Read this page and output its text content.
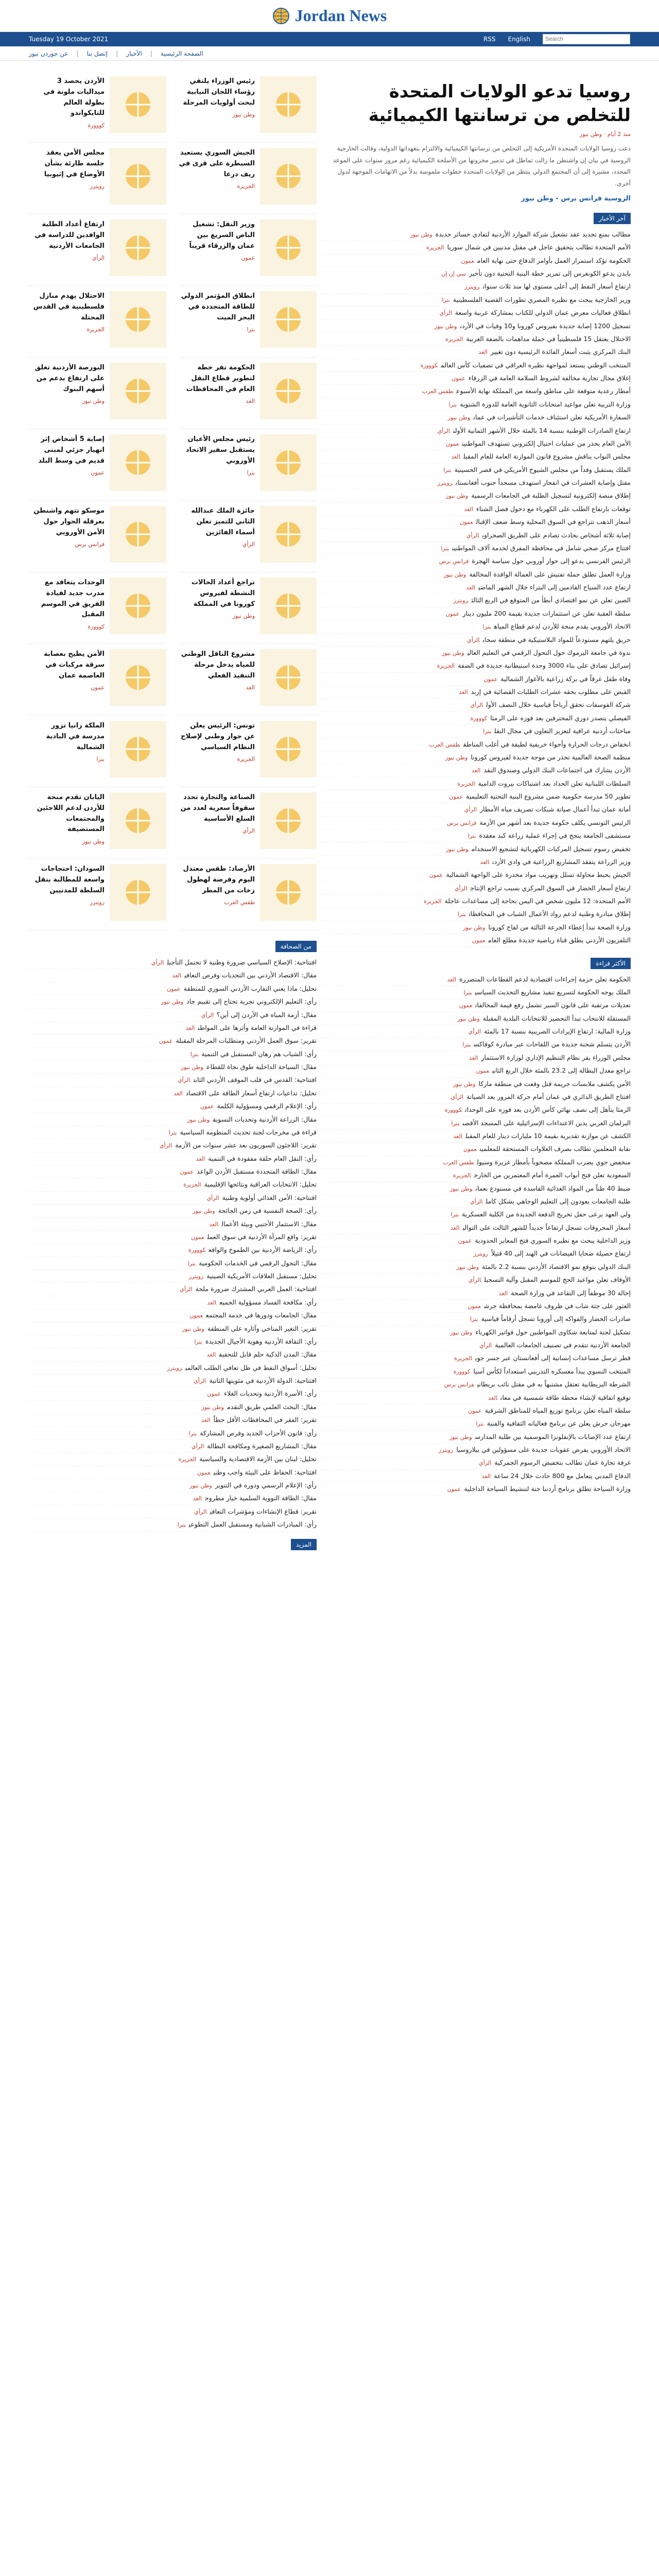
Jordan News
Tuesday 19 October 2021	RSS English
Search
الصفحة الرئيسية
|
الأخبار
|
إتصل بنا
|
عن جوردن نيوز
روسيا تدعو الولايات المتحدة للتخلص من ترسانتها الكيميائية
منذ 2 أيام · وطن نيوز

دعت روسيا الولايات المتحدة الأمريكية إلى التخلص من ترسانتها الكيميائية والالتزام بتعهداتها الدولية، وقالت الخارجية الروسية في بيان إن واشنطن ما زالت تماطل في تدمير مخزونها من الأسلحة الكيميائية رغم مرور سنوات على الموعد المحدد، مشيرة إلى أن المجتمع الدولي ينتظر من الولايات المتحدة خطوات ملموسة بدلاً من الاتهامات الموجهة لدول أخرى.

الروسية فرانس برس - وطن نيوز
آخر الأخبار
مطالب بمنع تجديد عقد تشغيل شركة الموارد الأردنية لتفادي خسائر جديدةوطن نيوز
الأمم المتحدة تطالب بتحقيق عاجل في مقتل مدنيين في شمال سورياالجزيرة
الحكومة تؤكد استمرار العمل بأوامر الدفاع حتى نهاية العامعمون
بايدن يدعو الكونغرس إلى تمرير خطة البنية التحتية دون تأخيرسي إن إن
ارتفاع أسعار النفط إلى أعلى مستوى لها منذ ثلاث سنواترويترز
وزير الخارجية يبحث مع نظيره المصري تطورات القضية الفلسطينيةبترا
انطلاق فعاليات معرض عمان الدولي للكتاب بمشاركة عربية واسعةالرأي
تسجيل 1200 إصابة جديدة بفيروس كورونا و10 وفيات في الأردنوطن نيوز
الاحتلال يعتقل 15 فلسطينياً في حملة مداهمات بالضفة الغربيةالجزيرة
البنك المركزي يثبت أسعار الفائدة الرئيسية دون تغييرالغد
المنتخب الوطني يستعد لمواجهة نظيره العراقي في تصفيات كأس العالمكووورة
إغلاق محال تجارية مخالفة لشروط السلامة العامة في الزرقاءعمون
أمطار رعدية متوقعة على مناطق واسعة من المملكة نهاية الأسبوعطقس العرب
وزارة التربية تعلن مواعيد امتحانات الثانوية العامة للدورة الشتويةبترا
السفارة الأمريكية تعلن استئناف خدمات التأشيرات في عمانوطن نيوز
ارتفاع الصادرات الوطنية بنسبة 14 بالمئة خلال الأشهر الثمانية الأولىالرأي
الأمن العام يحذر من عمليات احتيال إلكتروني تستهدف المواطنينعمون
مجلس النواب يناقش مشروع قانون الموازنة العامة للعام المقبلالغد
الملك يستقبل وفداً من مجلس الشيوخ الأمريكي في قصر الحسينيةبترا
مقتل وإصابة العشرات في انفجار استهدف مسجداً جنوب أفغانستانرويترز
إطلاق منصة إلكترونية لتسجيل الطلبة في الجامعات الرسميةوطن نيوز
توقعات بارتفاع الطلب على الكهرباء مع دخول فصل الشتاءالغد
أسعار الذهب تتراجع في السوق المحلية وسط ضعف الإقبالعمون
إصابة ثلاثة أشخاص بحادث تصادم على الطريق الصحراويالرأي
افتتاح مركز صحي شامل في محافظة المفرق لخدمة آلاف المواطنينبترا
الرئيس الفرنسي يدعو إلى حوار أوروبي حول سياسة الهجرةفرانس برس
وزارة العمل تطلق حملة تفتيش على العمالة الوافدة المخالفةوطن نيوز
ارتفاع عدد السياح القادمين إلى البتراء خلال الشهر الماضيالغد
الصين تعلن عن نمو اقتصادي أبطأ من المتوقع في الربع الثالثرويترز
سلطة العقبة تعلن عن استثمارات جديدة بقيمة 200 مليون دينارعمون
الاتحاد الأوروبي يقدم منحة للأردن لدعم قطاع المياهبترا
حريق يلتهم مستودعاً للمواد البلاستيكية في منطقة سحابالرأي
ندوة في جامعة اليرموك حول التحول الرقمي في التعليم العاليوطن نيوز
إسرائيل تصادق على بناء 3000 وحدة استيطانية جديدة في الضفةالجزيرة
وفاة طفل غرقاً في بركة زراعية بالأغوار الشماليةعمون
القبض على مطلوب بحقه عشرات الطلبات القضائية في إربدالغد
شركة الفوسفات تحقق أرباحاً قياسية خلال النصف الأولالرأي
الفيصلي يتصدر دوري المحترفين بعد فوزه على الرمثاكووورة
مباحثات أردنية عراقية لتعزيز التعاون في مجال النقلبترا
انخفاض درجات الحرارة وأجواء خريفية لطيفة في أغلب المناطقطقس العرب
منظمة الصحة العالمية تحذر من موجة جديدة لفيروس كوروناوطن نيوز
الأردن يشارك في اجتماعات البنك الدولي وصندوق النقدالغد
السلطات اللبنانية تعلن الحداد بعد اشتباكات بيروت الداميةالجزيرة
تطوير 50 مدرسة حكومية ضمن مشروع البنية التحتية التعليميةعمون
أمانة عمان تبدأ أعمال صيانة شبكات تصريف مياه الأمطارالرأي
الرئيس التونسي يكلف حكومة جديدة بعد أشهر من الأزمةفرانس برس
مستشفى الجامعة ينجح في إجراء عملية زراعة كبد معقدةبترا
تخفيض رسوم تسجيل المركبات الكهربائية لتشجيع الاستخداموطن نيوز
وزير الزراعة يتفقد المشاريع الزراعية في وادي الأردنالغد
الجيش يحبط محاولة تسلل وتهريب مواد مخدرة على الواجهة الشماليةعمون
ارتفاع أسعار الخضار في السوق المركزي بسبب تراجع الإنتاجالرأي
الأمم المتحدة: 12 مليون شخص في اليمن بحاجة إلى مساعدات عاجلةالجزيرة
إطلاق مبادرة وطنية لدعم رواد الأعمال الشباب في المحافظاتبترا
وزارة الصحة تبدأ إعطاء الجرعة الثالثة من لقاح كوروناوطن نيوز
التلفزيون الأردني يطلق قناة رياضية جديدة مطلع العامعمون
الأكثر قراءة
الحكومة تعلن حزمة إجراءات اقتصادية لدعم القطاعات المتضررةالغد
الملك يوجه الحكومة لتسريع تنفيذ مشاريع التحديث السياسيبترا
تعديلات مرتقبة على قانون السير تشمل رفع قيمة المخالفاتعمون
المستقلة للانتخاب تبدأ التحضير للانتخابات البلدية المقبلةوطن نيوز
وزارة المالية: ارتفاع الإيرادات الضريبية بنسبة 17 بالمئةالرأي
الأردن يتسلم شحنة جديدة من اللقاحات عبر مبادرة كوفاكسبترا
مجلس الوزراء يقر نظام التنظيم الإداري لوزارة الاستثمارالغد
تراجع معدل البطالة إلى 23.2 بالمئة خلال الربع الثانيعمون
الأمن يكشف ملابسات جريمة قتل وقعت في منطقة ماركاوطن نيوز
افتتاح الطريق الدائري في عمان أمام حركة المرور بعد الصيانةالرأي
الرمثا يتأهل إلى نصف نهائي كأس الأردن بعد فوزه على الوحداتكووورة
البرلمان العربي يدين الاعتداءات الإسرائيلية على المسجد الأقصىبترا
الكشف عن موازنة تقديرية بقيمة 10 مليارات دينار للعام المقبلالغد
نقابة المعلمين تطالب بصرف العلاوات المستحقة للمعلمينعمون
منخفض جوي يضرب المملكة مصحوباً بأمطار غزيرة وسيولطقس العرب
السعودية تعلن فتح أبواب العمرة أمام المعتمرين من الخارجالجزيرة
ضبط 40 طناً من المواد الغذائية الفاسدة في مستودع بعمانوطن نيوز
طلبة الجامعات يعودون إلى التعليم الوجاهي بشكل كاملالرأي
ولي العهد يرعى حفل تخريج الدفعة الجديدة من الكلية العسكريةبترا
أسعار المحروقات تسجل ارتفاعاً جديداً للشهر الثالث على التواليالغد
وزير الداخلية يبحث مع نظيره السوري فتح المعابر الحدوديةعمون
ارتفاع حصيلة ضحايا الفيضانات في الهند إلى 40 قتيلاًرويترز
البنك الدولي يتوقع نمو الاقتصاد الأردني بنسبة 2.2 بالمئةوطن نيوز
الأوقاف تعلن مواعيد الحج للموسم المقبل وآلية التسجيلالرأي
إحالة 30 موظفاً إلى التقاعد في وزارة الصحةالغد
العثور على جثة شاب في ظروف غامضة بمحافظة جرشعمون
صادرات الخضار والفواكه إلى أوروبا تسجل أرقاماً قياسيةبترا
تشكيل لجنة لمتابعة شكاوى المواطنين حول فواتير الكهرباءوطن نيوز
الجامعة الأردنية تتقدم في تصنيف الجامعات العالميةالرأي
قطر ترسل مساعدات إنسانية إلى أفغانستان عبر جسر جويالجزيرة
المنتخب النسوي يبدأ معسكره التدريبي استعداداً لكأس آسياكووورة
الشرطة البريطانية تعتقل مشتبهاً به في مقتل نائب بريطانيفرانس برس
توقيع اتفاقية لإنشاء محطة طاقة شمسية في معانالغد
سلطة المياه تعلن برنامج توزيع المياه للمناطق الشرقيةعمون
مهرجان جرش يعلن عن برنامج فعالياته الثقافية والفنيةبترا
ارتفاع عدد الإصابات بالإنفلونزا الموسمية بين طلبة المدارسوطن نيوز
الاتحاد الأوروبي يفرض عقوبات جديدة على مسؤولين في بيلاروسيارويترز
غرفة تجارة عمان تطالب بتخفيض الرسوم الجمركيةالرأي
الدفاع المدني يتعامل مع 800 حادث خلال 24 ساعةالغد
وزارة السياحة تطلق برنامج أردننا جنة لتنشيط السياحة الداخليةعمون
رئيس الوزراء يلتقي رؤساء اللجان النيابية لبحث أولويات المرحلة
وطن نيوز
الأردن يحصد 3 ميداليات ملونة في بطولة العالم للتايكواندو
كووورة
الجيش السوري يستعيد السيطرة على قرى في ريف درعا
الجزيرة
مجلس الأمن يعقد جلسة طارئة بشأن الأوضاع في إثيوبيا
رويترز
وزير النقل: تشغيل الباص السريع بين عمان والزرقاء قريباً
عمون
ارتفاع أعداد الطلبة الوافدين للدراسة في الجامعات الأردنية
الرأي
انطلاق المؤتمر الدولي للطاقة المتجددة في البحر الميت
بترا
الاحتلال يهدم منازل فلسطينية في القدس المحتلة
الجزيرة
الحكومة تقر خطة لتطوير قطاع النقل العام في المحافظات
الغد
البورصة الأردنية تغلق على ارتفاع بدعم من أسهم البنوك
وطن نيوز
رئيس مجلس الأعيان يستقبل سفير الاتحاد الأوروبي
بترا
إصابة 5 أشخاص إثر انهيار جزئي لمبنى قديم في وسط البلد
عمون
جائزة الملك عبدالله الثاني للتميز تعلن أسماء الفائزين
الرأي
موسكو تتهم واشنطن بعرقلة الحوار حول الأمن الأوروبي
فرانس برس
تراجع أعداد الحالات النشطة لفيروس كورونا في المملكة
وطن نيوز
الوحدات يتعاقد مع مدرب جديد لقيادة الفريق في الموسم المقبل
كووورة
مشروع الناقل الوطني للمياه يدخل مرحلة التنفيذ الفعلي
الغد
الأمن يطيح بعصابة سرقة مركبات في العاصمة عمان
عمون
تونس: الرئيس يعلن عن حوار وطني لإصلاح النظام السياسي
الجزيرة
الملكة رانيا تزور مدرسة في البادية الشمالية
بترا
الصناعة والتجارة تحدد سقوفاً سعرية لعدد من السلع الأساسية
الرأي
اليابان تقدم منحة للأردن لدعم اللاجئين والمجتمعات المستضيفة
وطن نيوز
الأرصاد: طقس معتدل اليوم وفرصة لهطول زخات من المطر
طقس العرب
السودان: احتجاجات واسعة للمطالبة بنقل السلطة للمدنيين
رويترز
من الصحافة
افتتاحية: الإصلاح السياسي ضرورة وطنية لا تحتمل التأجيلالرأي
مقال: الاقتصاد الأردني بين التحديات وفرص التعافيالغد
تحليل: ماذا يعني التقارب الأردني السوري للمنطقةعمون
رأي: التعليم الإلكتروني تجربة تحتاج إلى تقييم جادوطن نيوز
مقال: أزمة المياه في الأردن إلى أين؟الرأي
قراءة في الموازنة العامة وأثرها على المواطنالغد
تقرير: سوق العمل الأردني ومتطلبات المرحلة المقبلةعمون
رأي: الشباب هم رهان المستقبل في التنميةبترا
مقال: السياحة الداخلية طوق نجاة للقطاعوطن نيوز
افتتاحية: القدس في قلب الموقف الأردني الثابتالرأي
تحليل: تداعيات ارتفاع أسعار الطاقة على الاقتصادالغد
رأي: الإعلام الرقمي ومسؤولية الكلمةعمون
مقال: الزراعة الأردنية وتحديات التسويقوطن نيوز
قراءة في مخرجات لجنة تحديث المنظومة السياسيةبترا
تقرير: اللاجئون السوريون بعد عشر سنوات من الأزمةالرأي
رأي: النقل العام حلقة مفقودة في التنميةالغد
مقال: الطاقة المتجددة مستقبل الأردن الواعدعمون
تحليل: الانتخابات العراقية ونتائجها الإقليميةالجزيرة
افتتاحية: الأمن الغذائي أولوية وطنيةالرأي
رأي: الصحة النفسية في زمن الجائحةوطن نيوز
مقال: الاستثمار الأجنبي وبيئة الأعمالالغد
تقرير: واقع المرأة الأردنية في سوق العملعمون
رأي: الرياضة الأردنية بين الطموح والواقعكووورة
مقال: التحول الرقمي في الخدمات الحكوميةبترا
تحليل: مستقبل العلاقات الأمريكية الصينيةرويترز
افتتاحية: العمل العربي المشترك ضرورة ملحةالرأي
رأي: مكافحة الفساد مسؤولية الجميعالغد
مقال: الجامعات ودورها في خدمة المجتمععمون
تقرير: التغير المناخي وآثاره على المنطقةوطن نيوز
رأي: الثقافة الأردنية وهوية الأجيال الجديدةبترا
مقال: المدن الذكية حلم قابل للتحقيقالغد
تحليل: أسواق النفط في ظل تعافي الطلب العالميرويترز
افتتاحية: الدولة الأردنية في مئويتها الثانيةالرأي
رأي: الأسرة الأردنية وتحديات الغلاءعمون
مقال: البحث العلمي طريق التقدموطن نيوز
تقرير: الفقر في المحافظات الأقل حظاًالغد
رأي: قانون الأحزاب الجديد وفرص المشاركةبترا
مقال: المشاريع الصغيرة ومكافحة البطالةالرأي
تحليل: لبنان بين الأزمة الاقتصادية والسياسيةالجزيرة
افتتاحية: الحفاظ على البيئة واجب وطنيعمون
رأي: الإعلام الرسمي ودوره في التنويروطن نيوز
مقال: الطاقة النووية السلمية خيار مطروحالغد
تقرير: قطاع الإنشاءات ومؤشرات التعافيالرأي
رأي: المبادرات الشبابية ومستقبل العمل التطوعيبترا
المزيد
